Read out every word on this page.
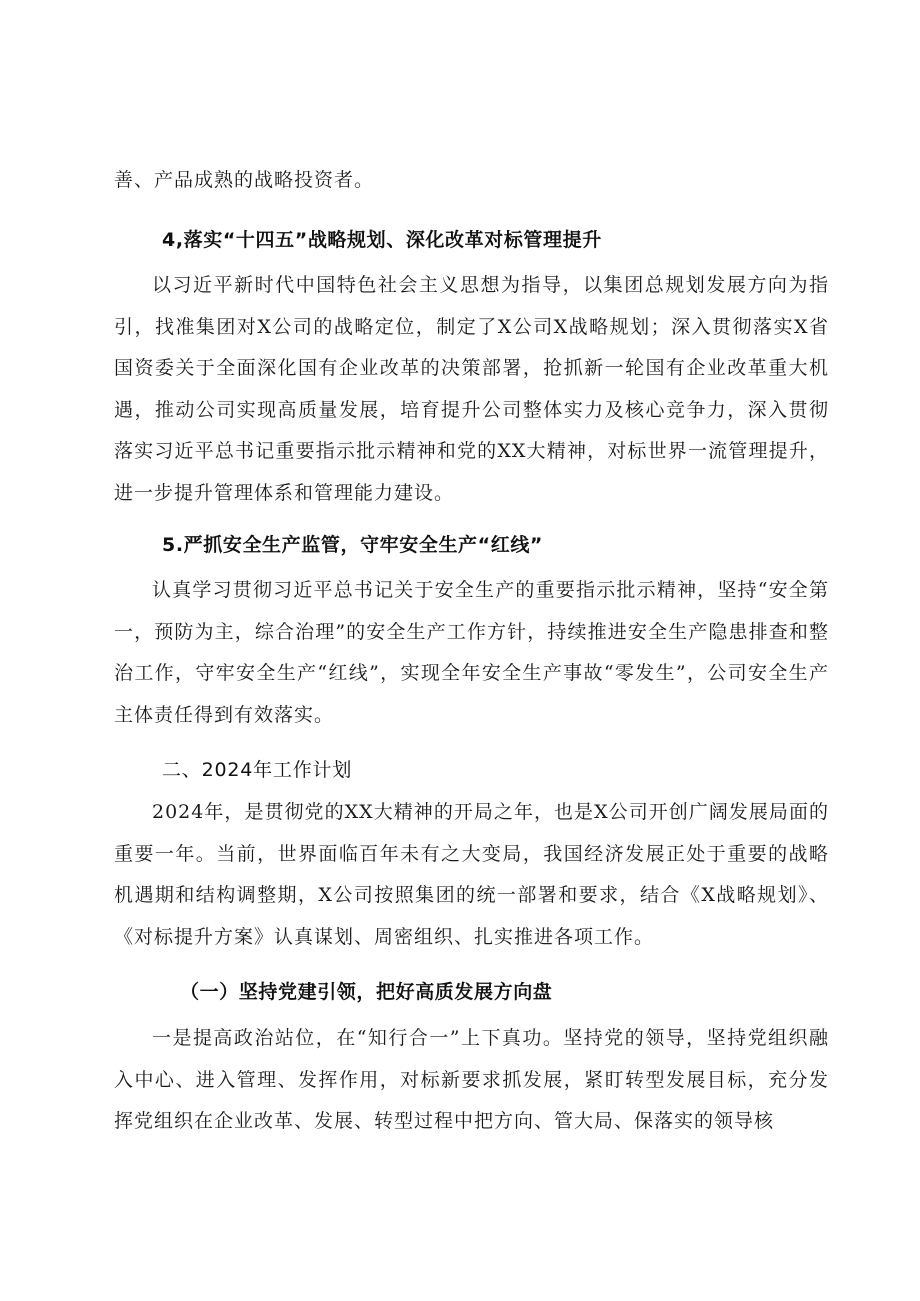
善、产品成熟的战略投资者。

4,落实“十四五”战略规划、深化改革对标管理提升

以习近平新时代中国特色社会主义思想为指导，以集团总规划发展方向为指引，找准集团对X公司的战略定位，制定了X公司X战略规划；深入贯彻落实X省国资委关于全面深化国有企业改革的决策部署，抢抓新一轮国有企业改革重大机遇，推动公司实现高质量发展，培育提升公司整体实力及核心竞争力，深入贯彻落实习近平总书记重要指示批示精神和党的XX大精神，对标世界一流管理提升，进一步提升管理体系和管理能力建设。

5.严抓安全生产监管，守牢安全生产“红线”

认真学习贯彻习近平总书记关于安全生产的重要指示批示精神，坚持“安全第一，预防为主，综合治理”的安全生产工作方针，持续推进安全生产隐患排查和整治工作，守牢安全生产“红线”，实现全年安全生产事故“零发生”，公司安全生产主体责任得到有效落实。

二、2024年工作计划

2024年，是贯彻党的XX大精神的开局之年，也是X公司开创广阔发展局面的重要一年。当前，世界面临百年未有之大变局，我国经济发展正处于重要的战略机遇期和结构调整期，X公司按照集团的统一部署和要求，结合《X战略规划》、《对标提升方案》认真谋划、周密组织、扎实推进各项工作。

（一）坚持党建引领，把好高质发展方向盘

一是提高政治站位，在“知行合一”上下真功。坚持党的领导，坚持党组织融入中心、进入管理、发挥作用，对标新要求抓发展，紧盯转型发展目标，充分发挥党组织在企业改革、发展、转型过程中把方向、管大局、保落实的领导核
